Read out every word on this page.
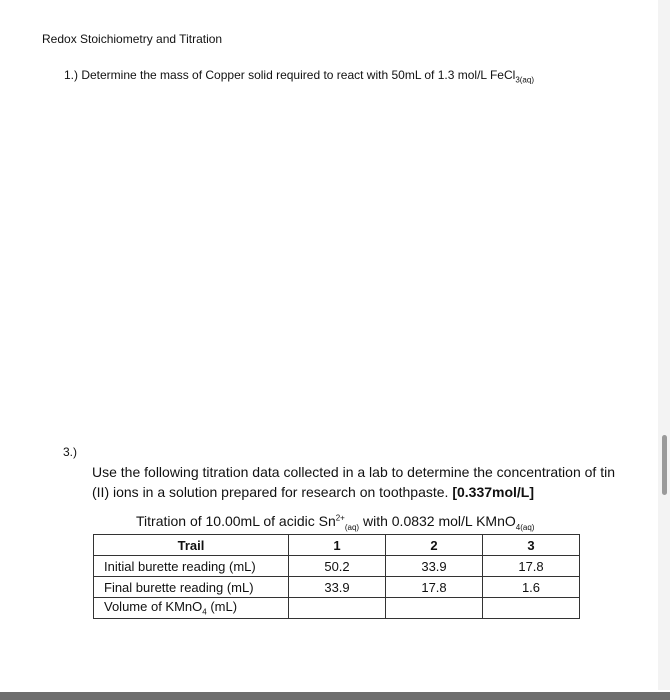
Redox Stoichiometry and Titration
1.) Determine the mass of Copper solid required to react with 50mL of 1.3 mol/L FeCl$_{3(aq)}$
3.)
Use the following titration data collected in a lab to determine the concentration of tin (II) ions in a solution prepared for research on toothpaste. [0.337mol/L]
Titration of 10.00mL of acidic $Sn^{2+}_{(aq)}$ with 0.0832 mol/L KMnO$_{4(aq)}$
Trail	1	2	3
Initial burette reading (mL)	50.2	33.9	17.8
Final burette reading (mL)	33.9	17.8	1.6
Volume of KMnO$_4$ (mL)			
